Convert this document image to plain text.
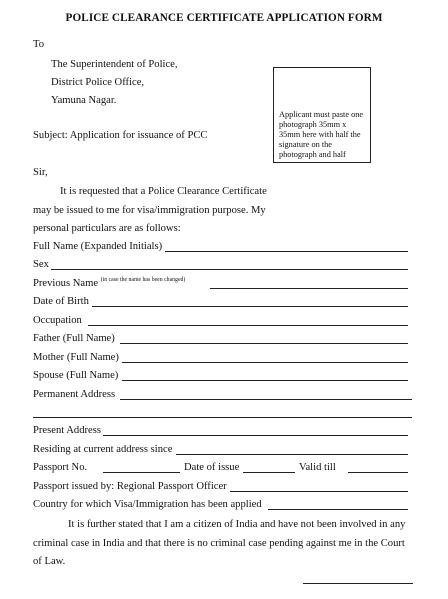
POLICE CLEARANCE CERTIFICATE APPLICATION FORM
To
The Superintendent of Police,
District Police Office,
Yamuna Nagar.
Applicant must paste one photograph 35mm x 35mm here with half the signature on the photograph and half
Subject: Application for issuance of PCC
Sir,
It is requested that a Police Clearance Certificate
may be issued to me for visa/immigration purpose. My
personal particulars are as follows:
Full Name (Expanded Initials)
Sex
Previous Name $^{(in case the name has been changed)}$
Date of Birth
Occupation
Father (Full Name)
Mother (Full Name)
Spouse (Full Name)
Permanent Address
Present Address
Residing at current address since
Passport No.	Date of issue	Valid till
Passport issued by: Regional Passport Officer
Country for which Visa/Immigration has been applied
It is further stated that I am a citizen of India and have not been involved in any
criminal case in India and that there is no criminal case pending against me in the Court
of Law.
